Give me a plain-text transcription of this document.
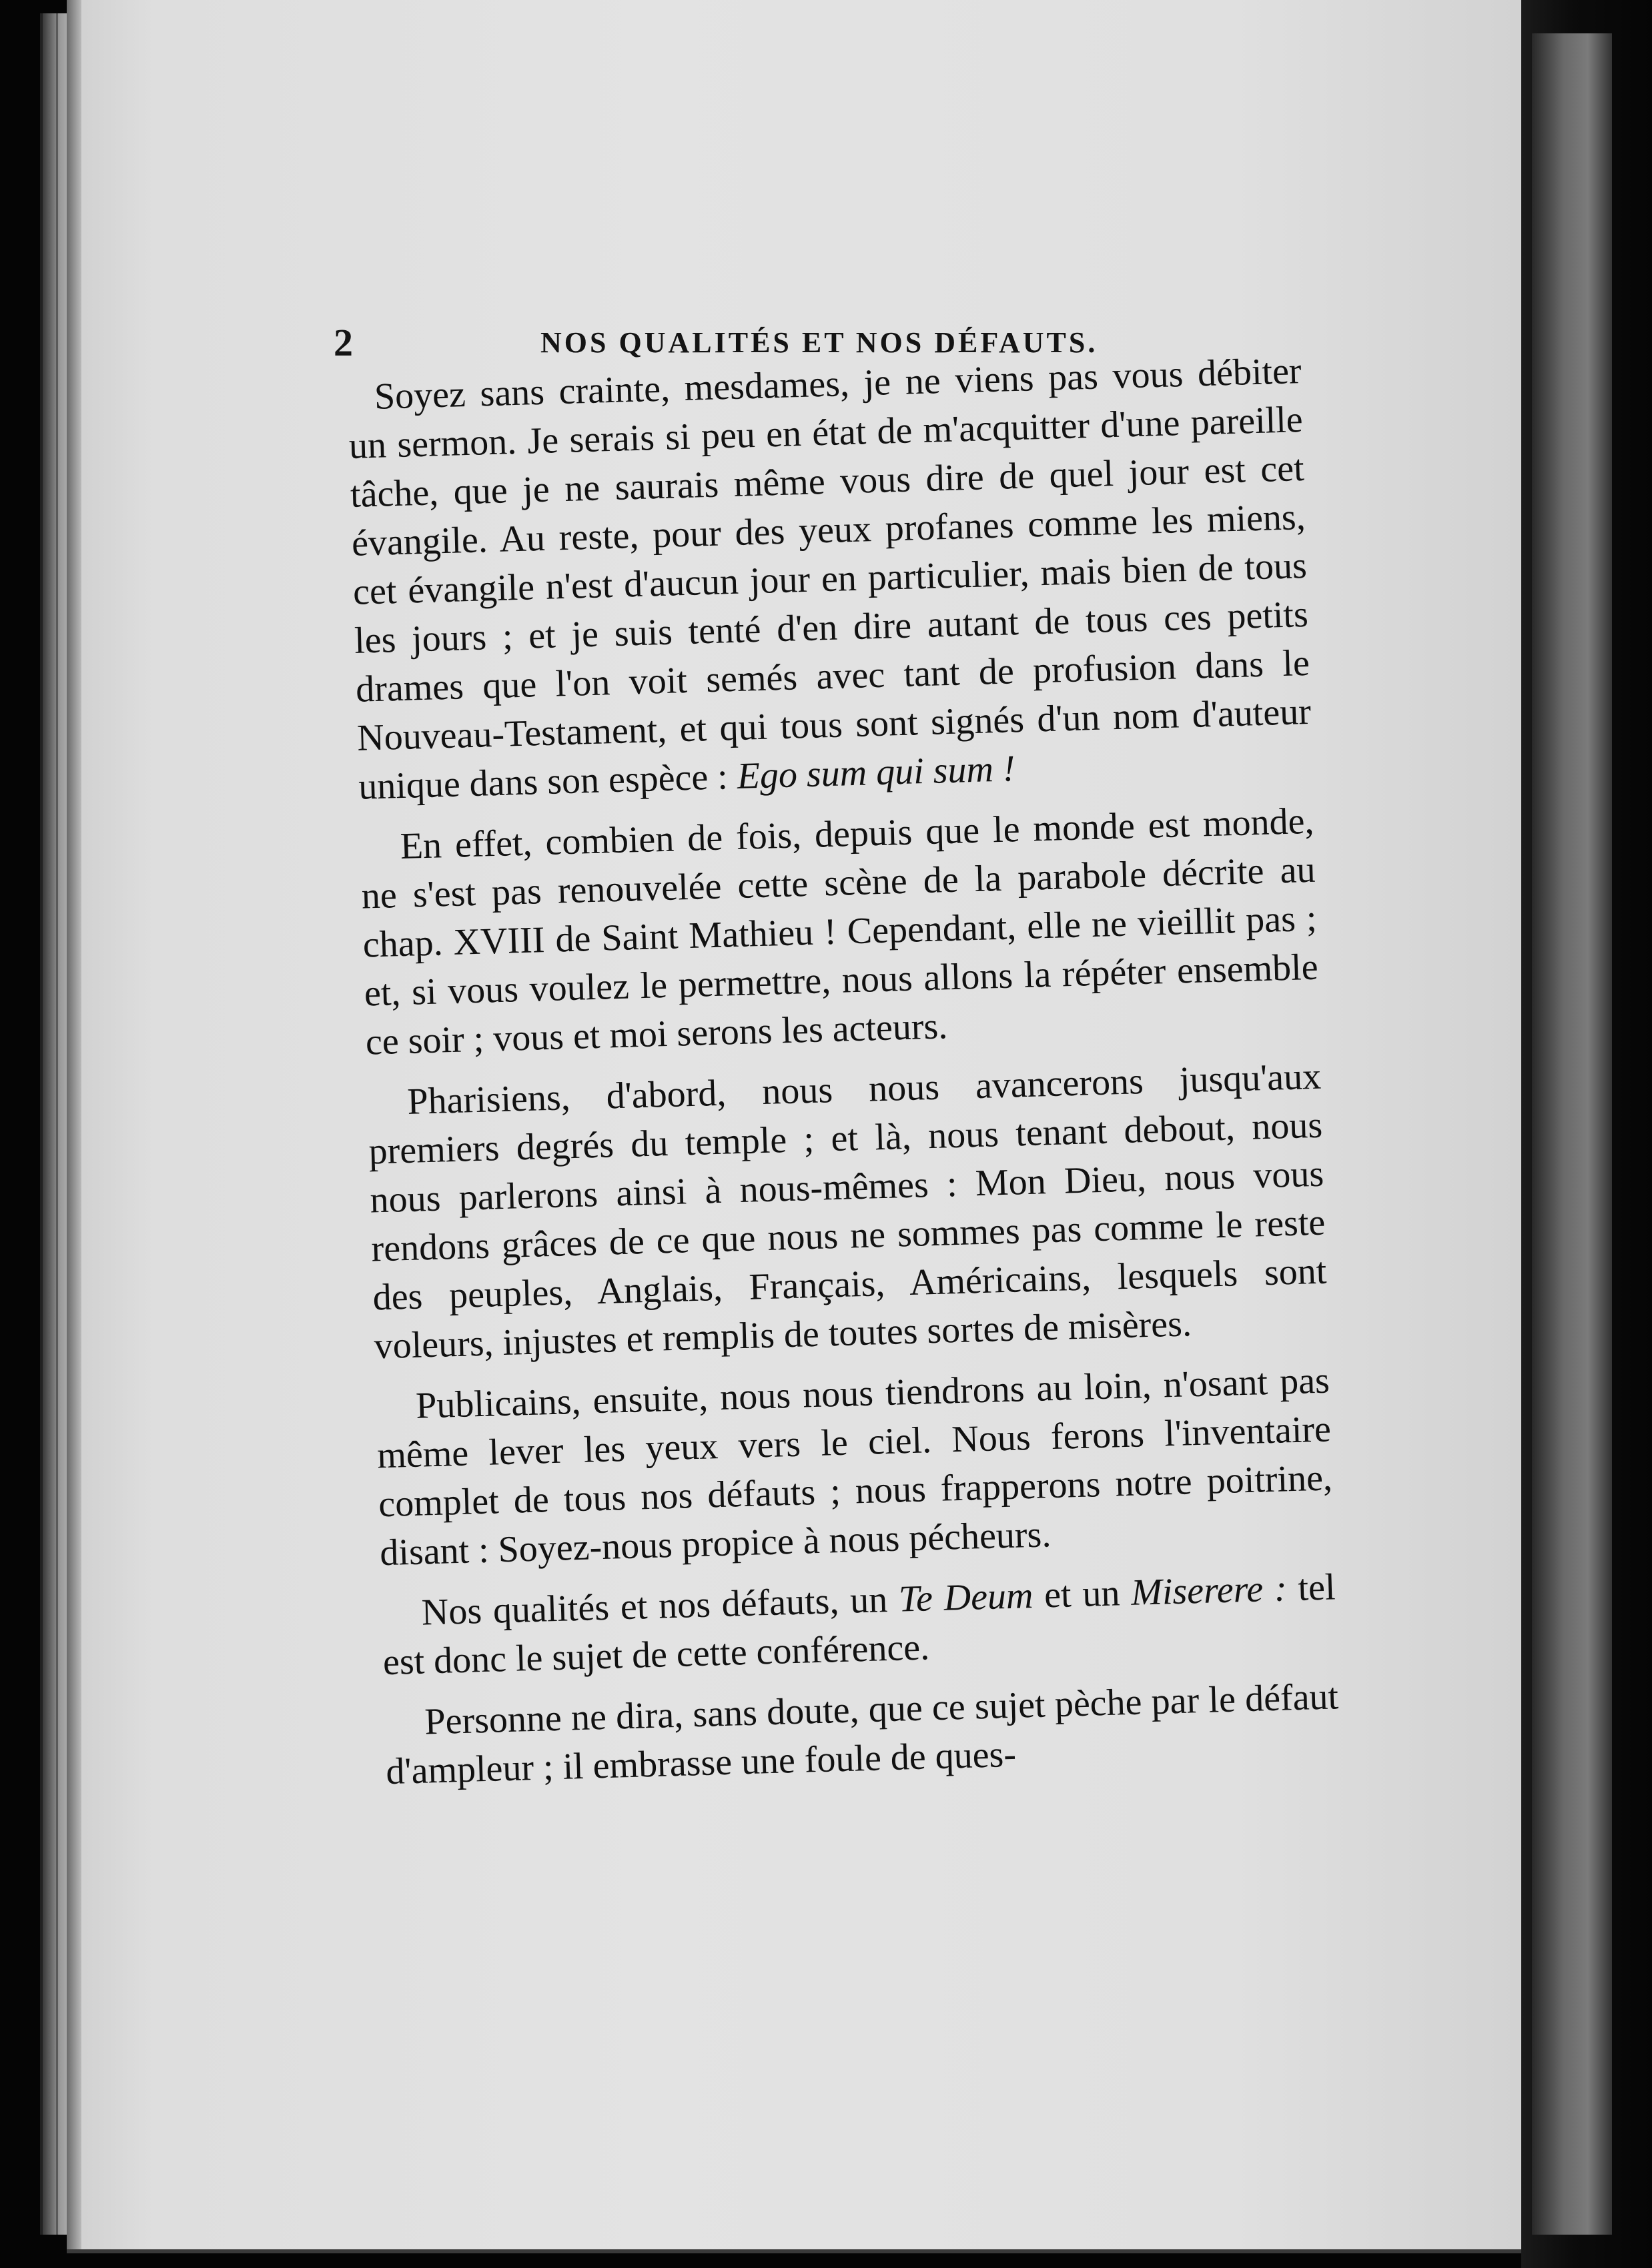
2	NOS QUALITÉS ET NOS DÉFAUTS.

Soyez sans crainte, mesdames, je ne viens pas vous débiter un sermon. Je serais si peu en état de m'acquitter d'une pareille tâche, que je ne saurais même vous dire de quel jour est cet évangile. Au reste, pour des yeux profanes comme les miens, cet évangile n'est d'aucun jour en particulier, mais bien de tous les jours ; et je suis tenté d'en dire autant de tous ces petits drames que l'on voit semés avec tant de profusion dans le Nouveau-Testament, et qui tous sont signés d'un nom d'auteur unique dans son espèce : Ego sum qui sum !

En effet, combien de fois, depuis que le monde est monde, ne s'est pas renouvelée cette scène de la parabole décrite au chap. XVIII de Saint Mathieu ! Cependant, elle ne vieillit pas ; et, si vous voulez le permettre, nous allons la répéter ensemble ce soir ; vous et moi serons les acteurs.

Pharisiens, d'abord, nous nous avancerons jusqu'aux premiers degrés du temple ; et là, nous tenant debout, nous nous parlerons ainsi à nous-mêmes : Mon Dieu, nous vous rendons grâces de ce que nous ne sommes pas comme le reste des peuples, Anglais, Français, Américains, lesquels sont voleurs, injustes et remplis de toutes sortes de misères.

Publicains, ensuite, nous nous tiendrons au loin, n'osant pas même lever les yeux vers le ciel. Nous ferons l'inventaire complet de tous nos défauts ; nous frapperons notre poitrine, disant : Soyez-nous propice à nous pécheurs.

Nos qualités et nos défauts, un Te Deum et un Miserere : tel est donc le sujet de cette conférence.

Personne ne dira, sans doute, que ce sujet pèche par le défaut d'ampleur ; il embrasse une foule de ques-
